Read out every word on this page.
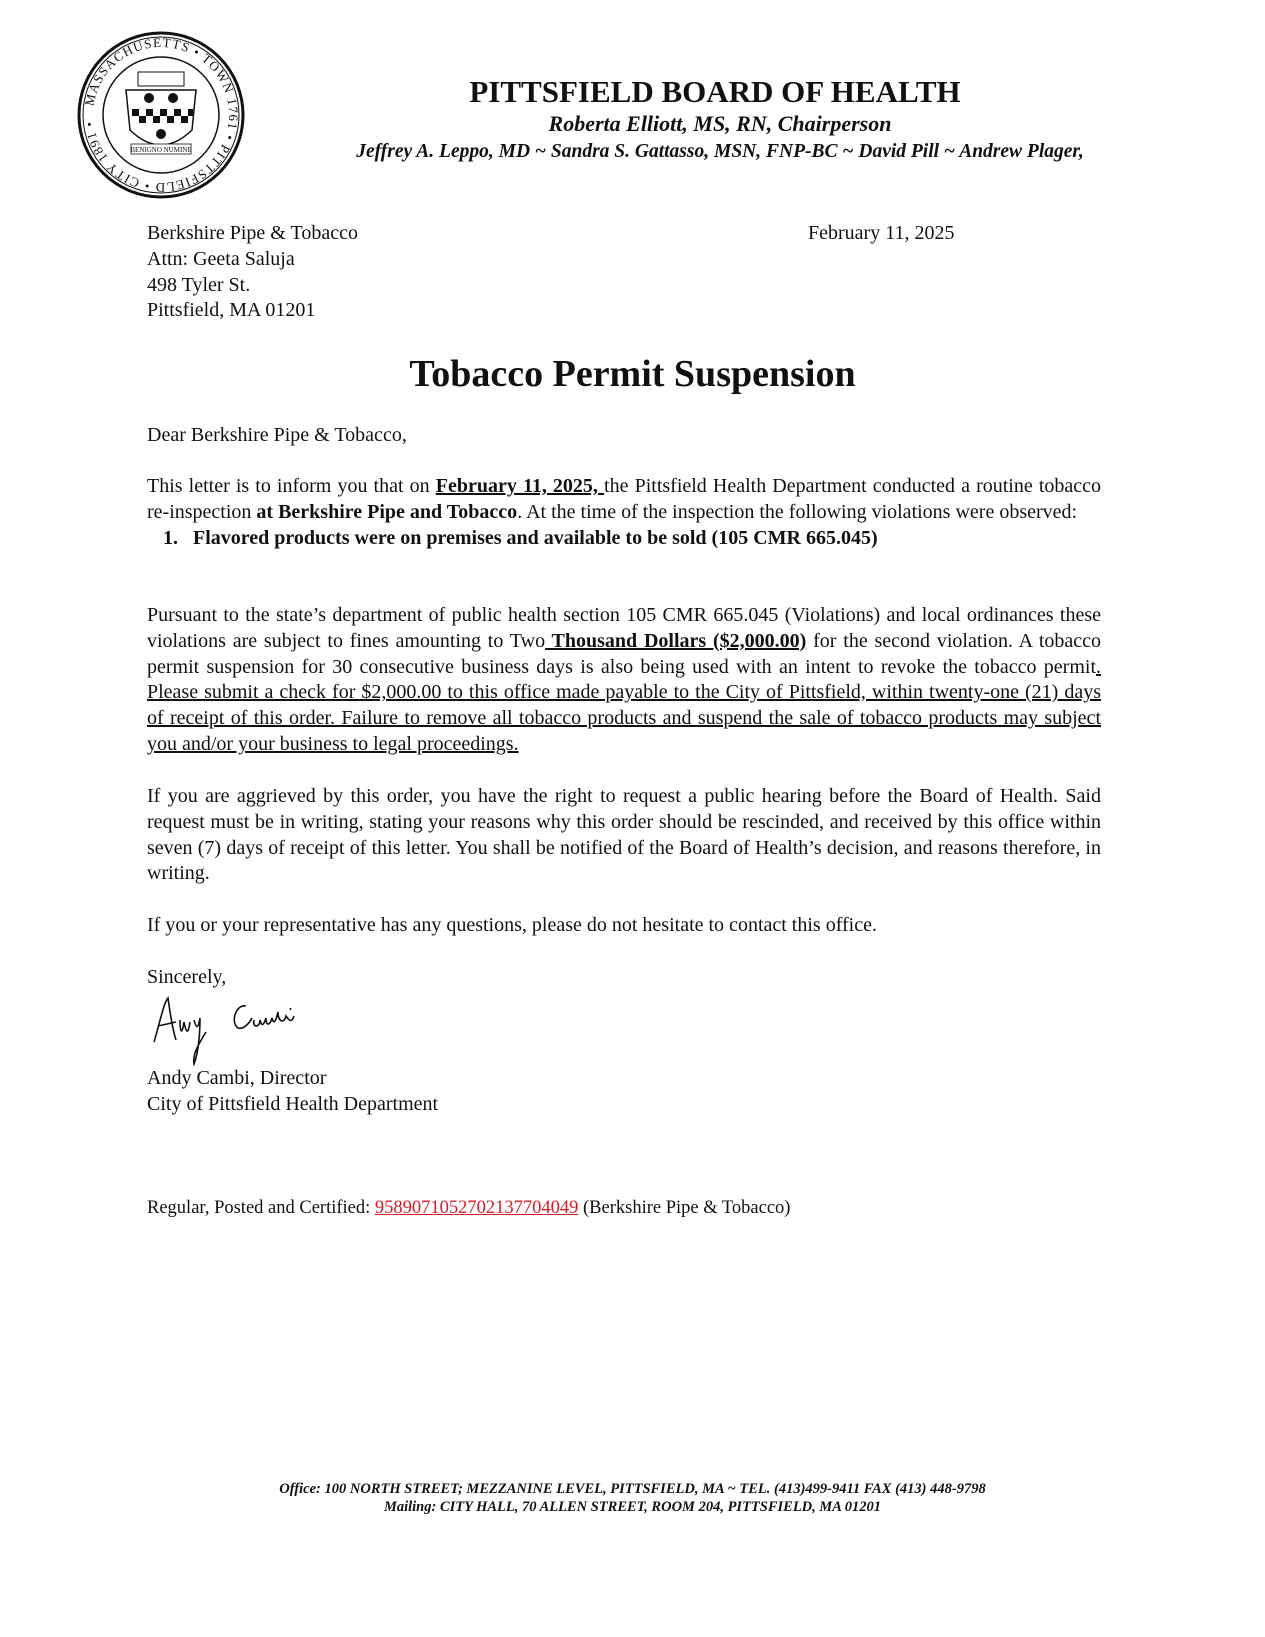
MASSACHUSETTS • TOWN 1761 • PITTSFIELD • CITY 1891 •
BENIGNO NUMINE
PITTSFIELD BOARD OF HEALTH
Roberta Elliott, MS, RN, Chairperson
Jeffrey A. Leppo, MD ~ Sandra S. Gattasso, MSN, FNP-BC ~ David Pill ~ Andrew Plager,
Berkshire Pipe & Tobacco
Attn: Geeta Saluja
498 Tyler St.
Pittsfield, MA 01201
February 11, 2025
Tobacco Permit Suspension
Dear Berkshire Pipe & Tobacco,
This letter is to inform you that on February 11, 2025, the Pittsfield Health Department conducted a routine tobacco re-inspection at Berkshire Pipe and Tobacco. At the time of the inspection the following violations were observed:
1. Flavored products were on premises and available to be sold (105 CMR 665.045)
Pursuant to the state’s department of public health section 105 CMR 665.045 (Violations) and local ordinances these violations are subject to fines amounting to Two Thousand Dollars ($2,000.00) for the second violation. A tobacco permit suspension for 30 consecutive business days is also being used with an intent to revoke the tobacco permit. Please submit a check for $2,000.00 to this office made payable to the City of Pittsfield, within twenty-one (21) days of receipt of this order. Failure to remove all tobacco products and suspend the sale of tobacco products may subject you and/or your business to legal proceedings.
If you are aggrieved by this order, you have the right to request a public hearing before the Board of Health. Said request must be in writing, stating your reasons why this order should be rescinded, and received by this office within seven (7) days of receipt of this letter. You shall be notified of the Board of Health’s decision, and reasons therefore, in writing.
If you or your representative has any questions, please do not hesitate to contact this office.
Sincerely,
Andy Cambi, Director
City of Pittsfield Health Department
Regular, Posted and Certified: 9589071052702137704049 (Berkshire Pipe & Tobacco)
Office: 100 NORTH STREET; MEZZANINE LEVEL, PITTSFIELD, MA ~ TEL. (413)499-9411 FAX (413) 448-9798
Mailing: CITY HALL, 70 ALLEN STREET, ROOM 204, PITTSFIELD, MA 01201
